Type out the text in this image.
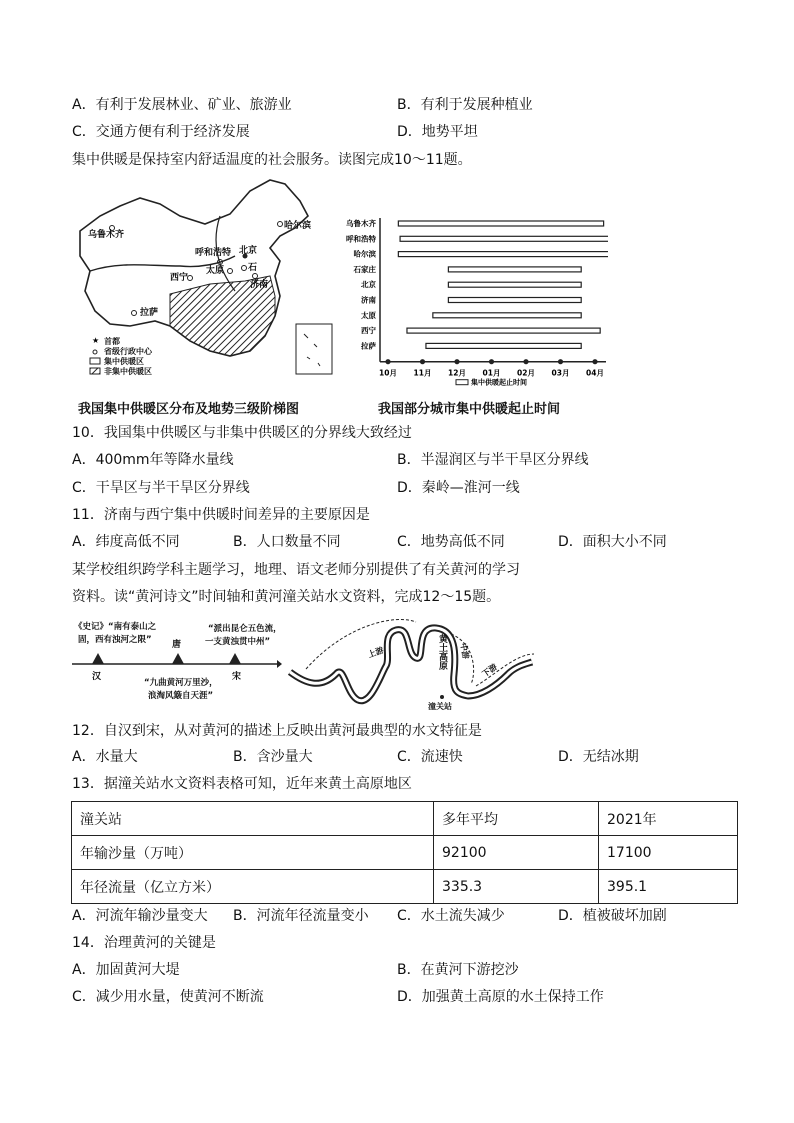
A．有利于发展林业、矿业、旅游业	B．有利于发展种植业
C．交通方便有利于经济发展	D．地势平坦
集中供暖是保持室内舒适温度的社会服务。读图完成10～11题。
★
乌鲁木齐
呼和浩特
哈尔滨
北京
石
太原
济南
西宁
拉萨
首都
省级行政中心
集中供暖区
非集中供暖区
我国集中供暖区分布及地势三级阶梯图
10月 11月 12月 01月 02月 03月 04月
乌鲁木齐
呼和浩特
哈尔滨
石家庄
北京
济南
太原
西宁
拉萨
集中供暖起止时间
我国部分城市集中供暖起止时间
10．我国集中供暖区与非集中供暖区的分界线大致经过
A．400mm年等降水量线	B．半湿润区与半干旱区分界线
C．干旱区与半干旱区分界线	D．秦岭—淮河一线
11．济南与西宁集中供暖时间差异的主要原因是
A．纬度高低不同	B．人口数量不同	C．地势高低不同	D．面积大小不同
某学校组织跨学科主题学习，地理、语文老师分别提供了有关黄河的学习
资料。读“黄河诗文”时间轴和黄河潼关站水文资料，完成12～15题。
《史记》“南有泰山之
固，西有浊河之限”
“派出昆仑五色流，
一支黄浊贯中州”
唐
汉	宋
“九曲黄河万里沙，
浪淘风簸自天涯”
上游	中游
下游
黄土高原
潼关站
12．自汉到宋，从对黄河的描述上反映出黄河最典型的水文特征是
A．水量大	B．含沙量大	C．流速快	D．无结冰期
13．据潼关站水文资料表格可知，近年来黄土高原地区
潼关站	多年平均	2021年
年输沙量（万吨）	92100	17100
年径流量（亿立方米）	335.3	395.1
A．河流年输沙量变大 B．河流年径流量变小 C．水土流失减少	D．植被破坏加剧
14．治理黄河的关键是
A．加固黄河大堤	B．在黄河下游挖沙
C．减少用水量，使黄河不断流	D．加强黄土高原的水土保持工作
